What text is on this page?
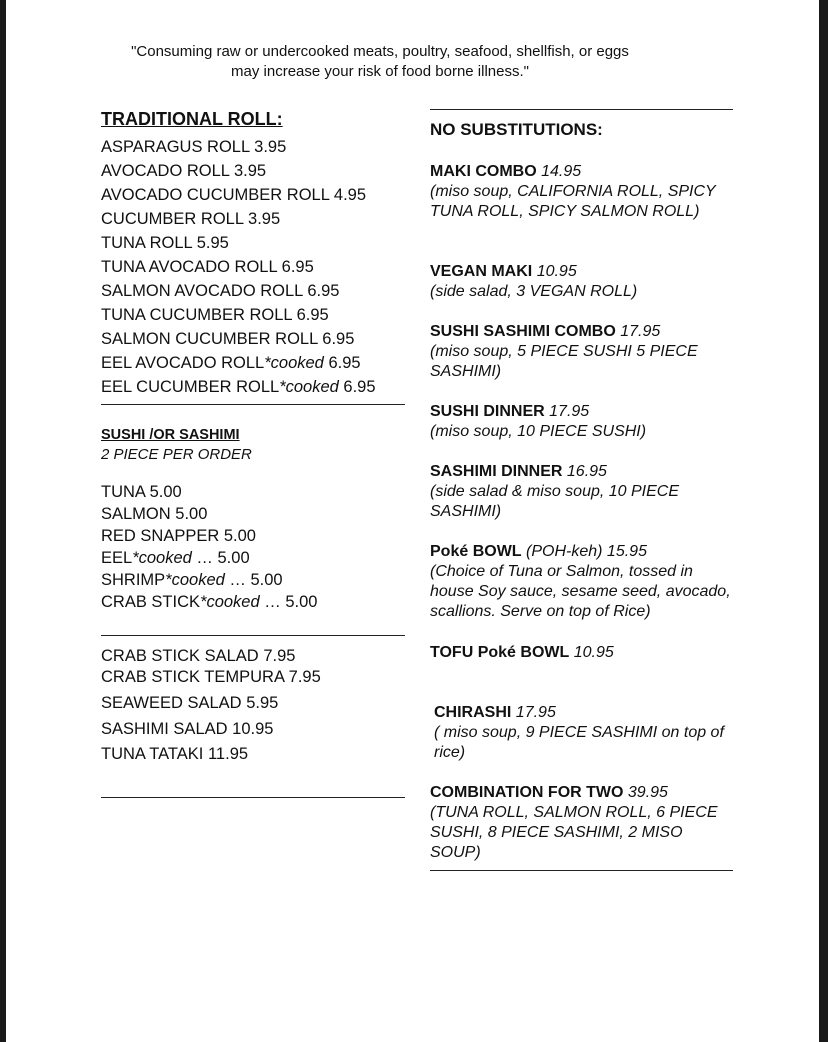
"Consuming raw or undercooked meats, poultry, seafood, shellfish, or eggs
may increase your risk of food borne illness."
TRADITIONAL ROLL:
ASPARAGUS ROLL 3.95
AVOCADO ROLL 3.95
AVOCADO CUCUMBER ROLL 4.95
CUCUMBER ROLL 3.95
TUNA ROLL 5.95
TUNA AVOCADO ROLL 6.95
SALMON AVOCADO ROLL 6.95
TUNA CUCUMBER ROLL 6.95
SALMON CUCUMBER ROLL 6.95
EEL AVOCADO ROLL*cooked 6.95
EEL CUCUMBER ROLL*cooked 6.95
SUSHI /OR SASHIMI
2 PIECE PER ORDER
TUNA 5.00
SALMON 5.00
RED SNAPPER 5.00
EEL*cooked … 5.00
SHRIMP*cooked … 5.00
CRAB STICK*cooked … 5.00
CRAB STICK SALAD 7.95
CRAB STICK TEMPURA 7.95
SEAWEED SALAD 5.95
SASHIMI SALAD 10.95
TUNA TATAKI 11.95
NO SUBSTITUTIONS:
MAKI COMBO 14.95
(miso soup, CALIFORNIA ROLL, SPICY TUNA ROLL, SPICY SALMON ROLL)
VEGAN MAKI 10.95
(side salad, 3 VEGAN ROLL)
SUSHI SASHIMI COMBO 17.95
(miso soup, 5 PIECE SUSHI 5 PIECE SASHIMI)
SUSHI DINNER 17.95
(miso soup, 10 PIECE SUSHI)
SASHIMI DINNER 16.95
(side salad & miso soup, 10 PIECE SASHIMI)
Poké BOWL (POH-keh) 15.95
(Choice of Tuna or Salmon, tossed in house Soy sauce, sesame seed, avocado, scallions. Serve on top of Rice)
TOFU Poké BOWL 10.95
CHIRASHI 17.95
( miso soup, 9 PIECE SASHIMI on top of rice)
COMBINATION FOR TWO 39.95
(TUNA ROLL, SALMON ROLL, 6 PIECE SUSHI, 8 PIECE SASHIMI, 2 MISO SOUP)
